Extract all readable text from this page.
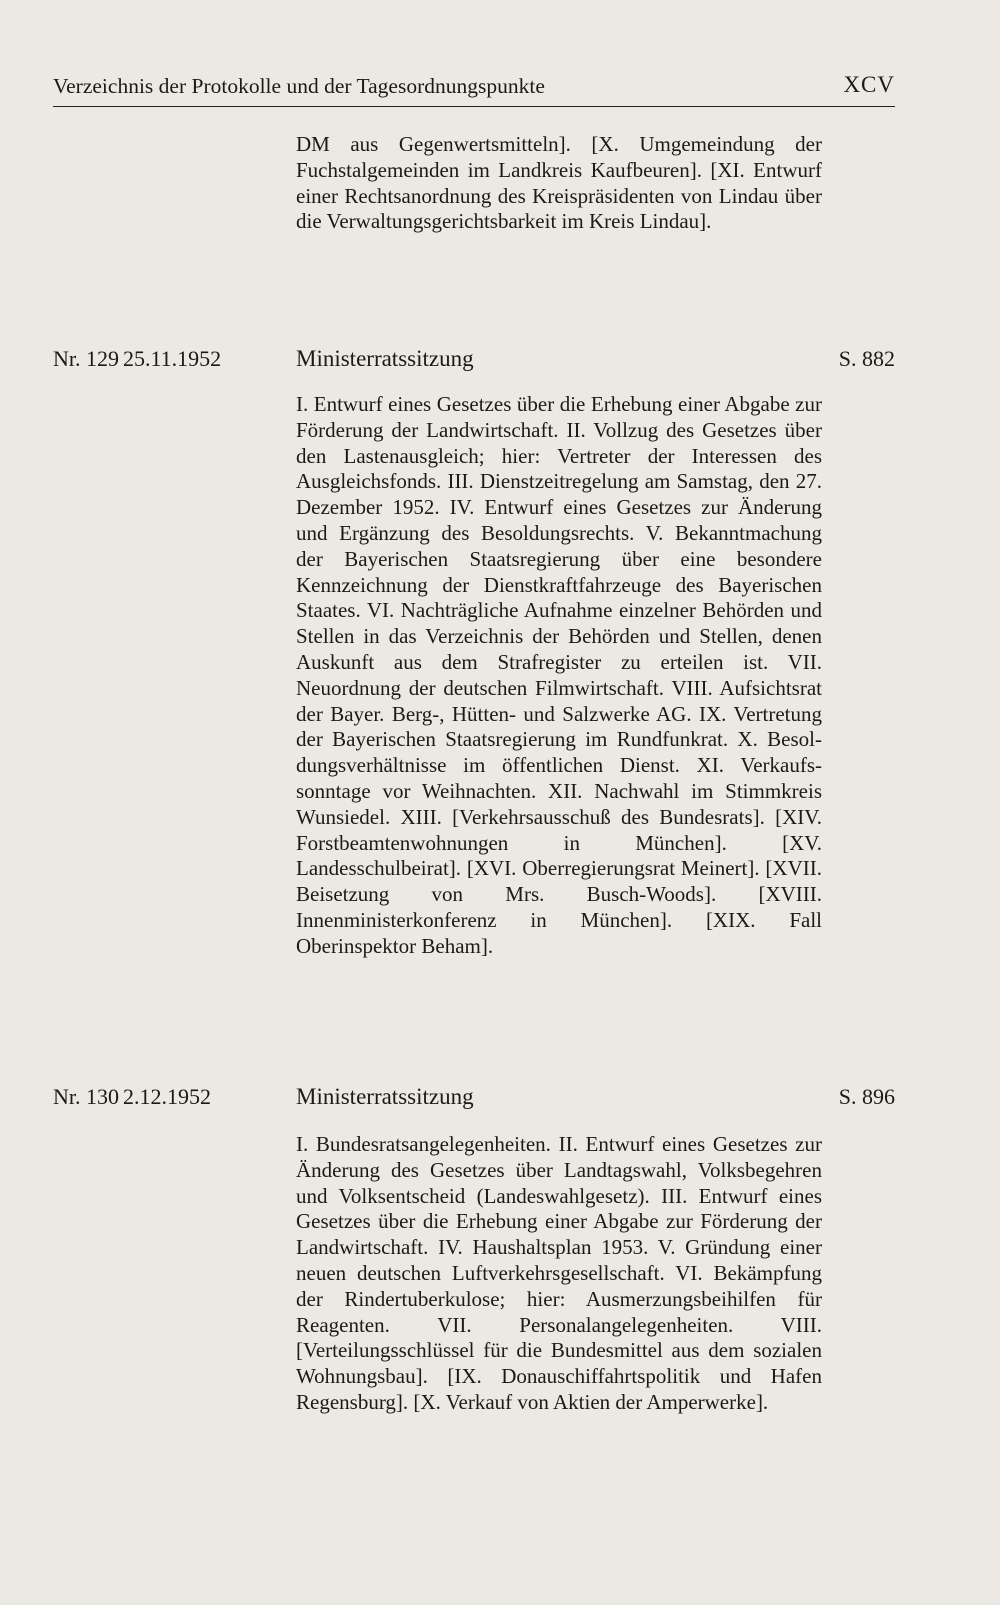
Verzeichnis der Protokolle und der Tagesordnungspunkte	XCV
DM aus Gegenwertsmitteln]. [X. Umgemeindung der Fuchstalgemeinden im Landkreis Kaufbeuren]. [XI. Entwurf einer Rechtsanordnung des Kreispräsidenten von Lindau über die Verwaltungsgerichtsbarkeit im Kreis Lindau].
Nr. 129 25.11.1952	Ministerratssitzung	S. 882
I. Entwurf eines Gesetzes über die Erhebung einer Abgabe zur Förderung der Landwirtschaft. II. Vollzug des Gesetzes über den Lastenausgleich; hier: Vertreter der Interessen des Ausgleichsfonds. III. Dienstzeitregelung am Samstag, den 27. Dezember 1952. IV. Entwurf eines Gesetzes zur Änderung und Ergänzung des Besoldungsrechts. V. Bekanntmachung der Bayerischen Staatsregierung über eine besondere Kennzeichnung der Dienstkraftfahrzeuge des Bayerischen Staates. VI. Nachträgliche Aufnahme einzelner Behörden und Stellen in das Verzeichnis der Behörden und Stellen, denen Auskunft aus dem Strafregister zu erteilen ist. VII. Neuordnung der deutschen Filmwirtschaft. VIII. Aufsichtsrat der Bayer. Berg-, Hütten- und Salzwerke AG. IX. Vertretung der Bayerischen Staatsregierung im Rundfunkrat. X. Besoldungsverhältnisse im öffentlichen Dienst. XI. Verkaufssonntage vor Weihnachten. XII. Nachwahl im Stimmkreis Wunsiedel. XIII. [Verkehrsausschuß des Bundesrats]. [XIV. Forstbeamtenwohnungen in München]. [XV. Landesschulbeirat]. [XVI. Oberregierungsrat Meinert]. [XVII. Beisetzung von Mrs. Busch-Woods]. [XVIII. Innenministerkonferenz in München]. [XIX. Fall Oberinspektor Beham].
Nr. 130 2.12.1952	Ministerratssitzung	S. 896
I. Bundesratsangelegenheiten. II. Entwurf eines Gesetzes zur Änderung des Gesetzes über Landtagswahl, Volksbegehren und Volksentscheid (Landeswahlgesetz). III. Entwurf eines Gesetzes über die Erhebung einer Abgabe zur Förderung der Landwirtschaft. IV. Haushaltsplan 1953. V. Gründung einer neuen deutschen Luftverkehrsgesellschaft. VI. Bekämpfung der Rindertuberkulose; hier: Ausmerzungsbeihilfen für Reagenten. VII. Personalangelegenheiten. VIII. [Verteilungsschlüssel für die Bundesmittel aus dem sozialen Wohnungsbau]. [IX. Donauschiffahrtspolitik und Hafen Regensburg]. [X. Verkauf von Aktien der Amperwerke].
